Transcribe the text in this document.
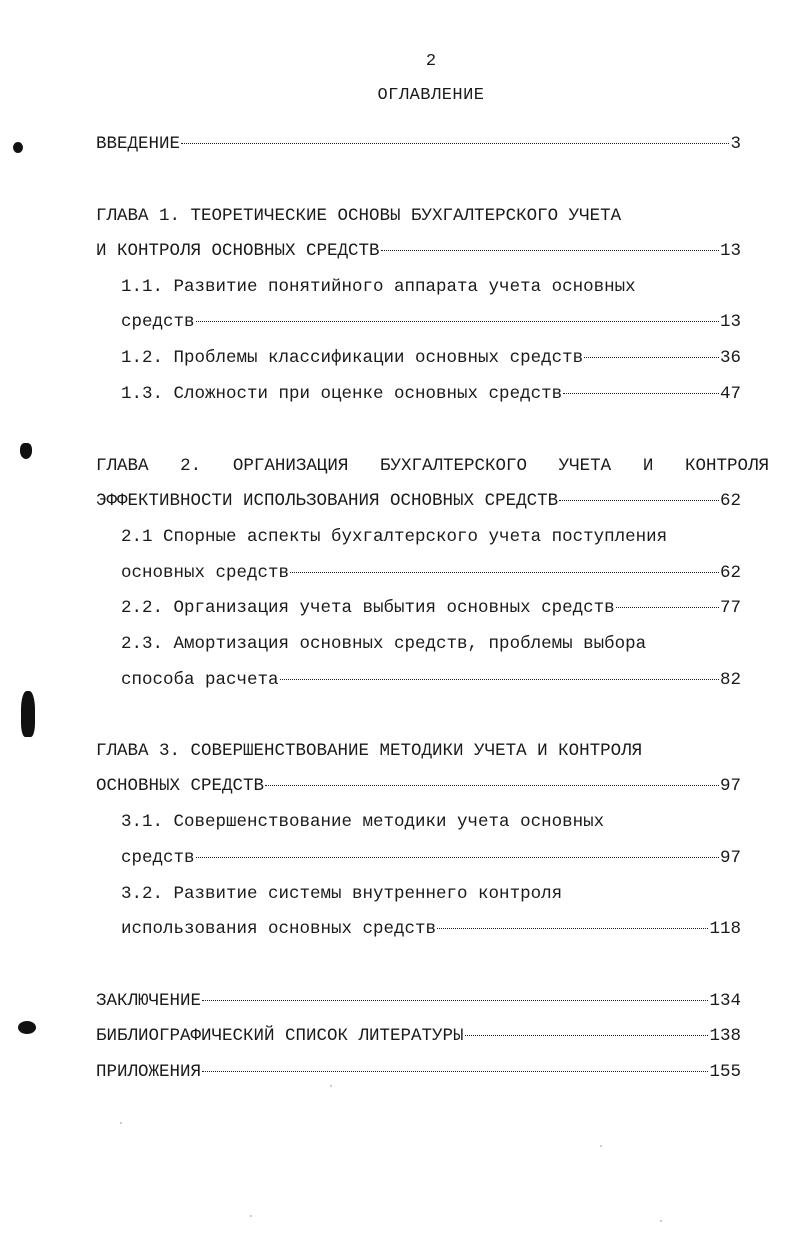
2
ОГЛАВЛЕНИЕ
ВВЕДЕНИЕ	3
ГЛАВА 1. ТЕОРЕТИЧЕСКИЕ ОСНОВЫ БУХГАЛТЕРСКОГО УЧЕТА
И КОНТРОЛЯ ОСНОВНЫХ СРЕДСТВ	13
1.1. Развитие понятийного аппарата учета основных
средств	13
1.2. Проблемы классификации основных средств	36
1.3. Сложности при оценке основных средств	47
ГЛАВА 2. ОРГАНИЗАЦИЯ БУХГАЛТЕРСКОГО УЧЕТА И КОНТРОЛЯ
ЭФФЕКТИВНОСТИ ИСПОЛЬЗОВАНИЯ ОСНОВНЫХ СРЕДСТВ	62
2.1 Спорные аспекты бухгалтерского учета поступления
основных средств	62
2.2. Организация учета выбытия основных средств	77
2.3. Амортизация основных средств, проблемы выбора
способа расчета	82
ГЛАВА 3. СОВЕРШЕНСТВОВАНИЕ МЕТОДИКИ УЧЕТА И КОНТРОЛЯ
ОСНОВНЫХ СРЕДСТВ	97
3.1. Совершенствование методики учета основных
средств	97
3.2. Развитие системы внутреннего контроля
использования основных средств	118
ЗАКЛЮЧЕНИЕ	134
БИБЛИОГРАФИЧЕСКИЙ СПИСОК ЛИТЕРАТУРЫ	138
ПРИЛОЖЕНИЯ	155
